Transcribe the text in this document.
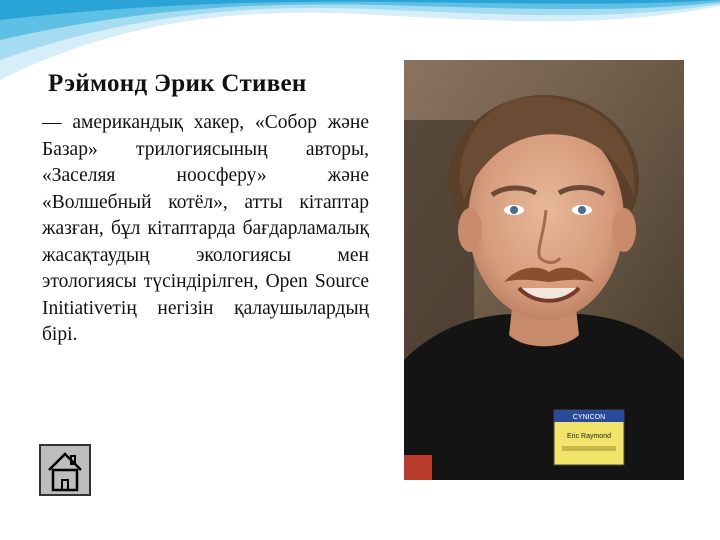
Рэймонд Эрик Стивен

— американдық хакер, «Собор және Базар» трилогиясының авторы, «Заселяя ноосферу» және «Волшебный котёл», атты кітаптар жазған, бұл кітаптарда бағдарламалық жасақтаудың экологиясы мен этологиясы түсіндірілген, Open Source Initiativeтің негізін қалаушылардың бірі.

CYNICON
Eric Raymond
